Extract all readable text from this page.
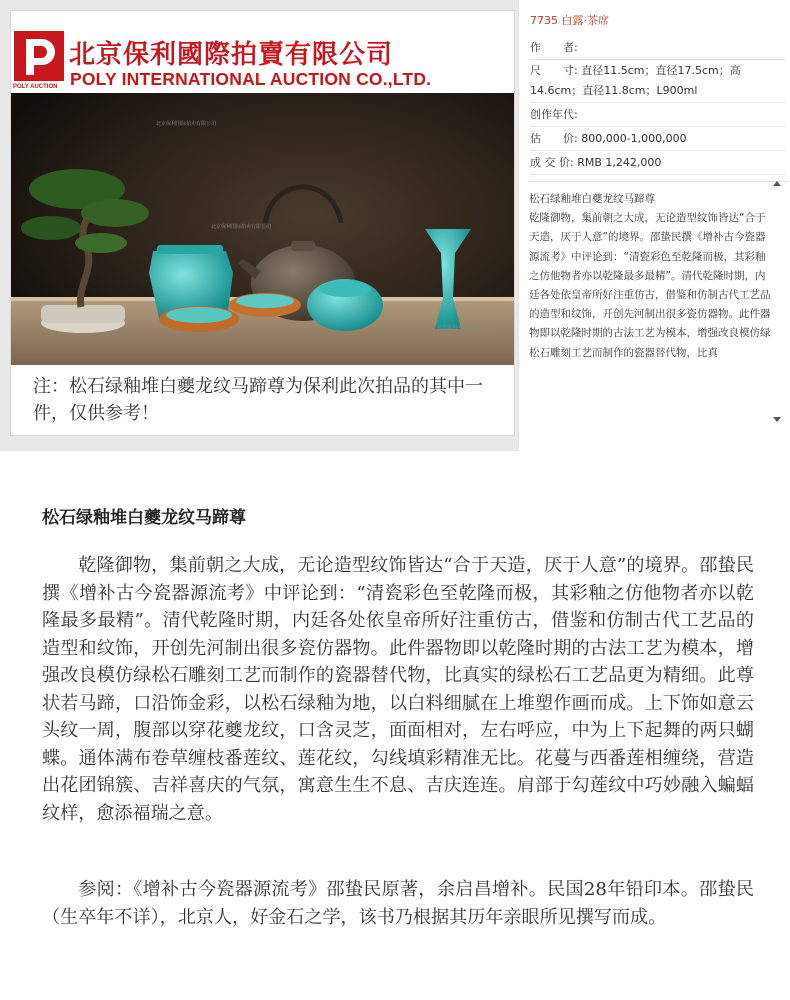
北京保利國際拍賣有限公司
POLY INTERNATIONAL AUCTION CO.,LTD.
POLY AUCTION
北京保利国际拍卖有限公司
北京保利国际拍卖有限公司
北京保利国际拍卖有限公司
注：松石绿釉堆白夔龙纹马蹄尊为保利此次拍品的其中一件，仅供参考！
7735 白露·茶席
作　　者:
尺　　寸: 直径11.5cm；直径17.5cm；高14.6cm；直径11.8cm；L900ml
创作年代:
估　　价: 800,000-1,000,000
成 交 价: RMB 1,242,000
松石绿釉堆白夔龙纹马蹄尊
乾隆御物，集前朝之大成，无论造型纹饰皆达“合于天造，厌于人意”的境界。邵蛰民撰《增补古今瓷器源流考》中评论到：“清瓷彩色至乾隆而极，其彩釉之仿他物者亦以乾隆最多最精”。清代乾隆时期，内廷各处依皇帝所好注重仿古，借鉴和仿制古代工艺品的造型和纹饰，开创先河制出很多瓷仿器物。此件器物即以乾隆时期的古法工艺为模本，增强改良模仿绿松石雕刻工艺而制作的瓷器替代物，比真
松石绿釉堆白夔龙纹马蹄尊

乾隆御物，集前朝之大成，无论造型纹饰皆达“合于天造，厌于人意”的境界。邵蛰民撰《增补古今瓷器源流考》中评论到：“清瓷彩色至乾隆而极，其彩釉之仿他物者亦以乾隆最多最精”。清代乾隆时期，内廷各处依皇帝所好注重仿古，借鉴和仿制古代工艺品的造型和纹饰，开创先河制出很多瓷仿器物。此件器物即以乾隆时期的古法工艺为模本，增强改良模仿绿松石雕刻工艺而制作的瓷器替代物，比真实的绿松石工艺品更为精细。此尊状若马蹄，口沿饰金彩，以松石绿釉为地，以白料细腻在上堆塑作画而成。上下饰如意云头纹一周，腹部以穿花夔龙纹，口含灵芝，面面相对，左右呼应，中为上下起舞的两只蝴蝶。通体满布卷草缠枝番莲纹、莲花纹，勾线填彩精准无比。花蔓与西番莲相缠绕，营造出花团锦簇、吉祥喜庆的气氛，寓意生生不息、吉庆连连。肩部于勾莲纹中巧妙融入蝙蝠纹样，愈添福瑞之意。

参阅：《增补古今瓷器源流考》邵蛰民原著，余启昌增补。民国28年铅印本。邵蛰民（生卒年不详），北京人，好金石之学，该书乃根据其历年亲眼所见撰写而成。
